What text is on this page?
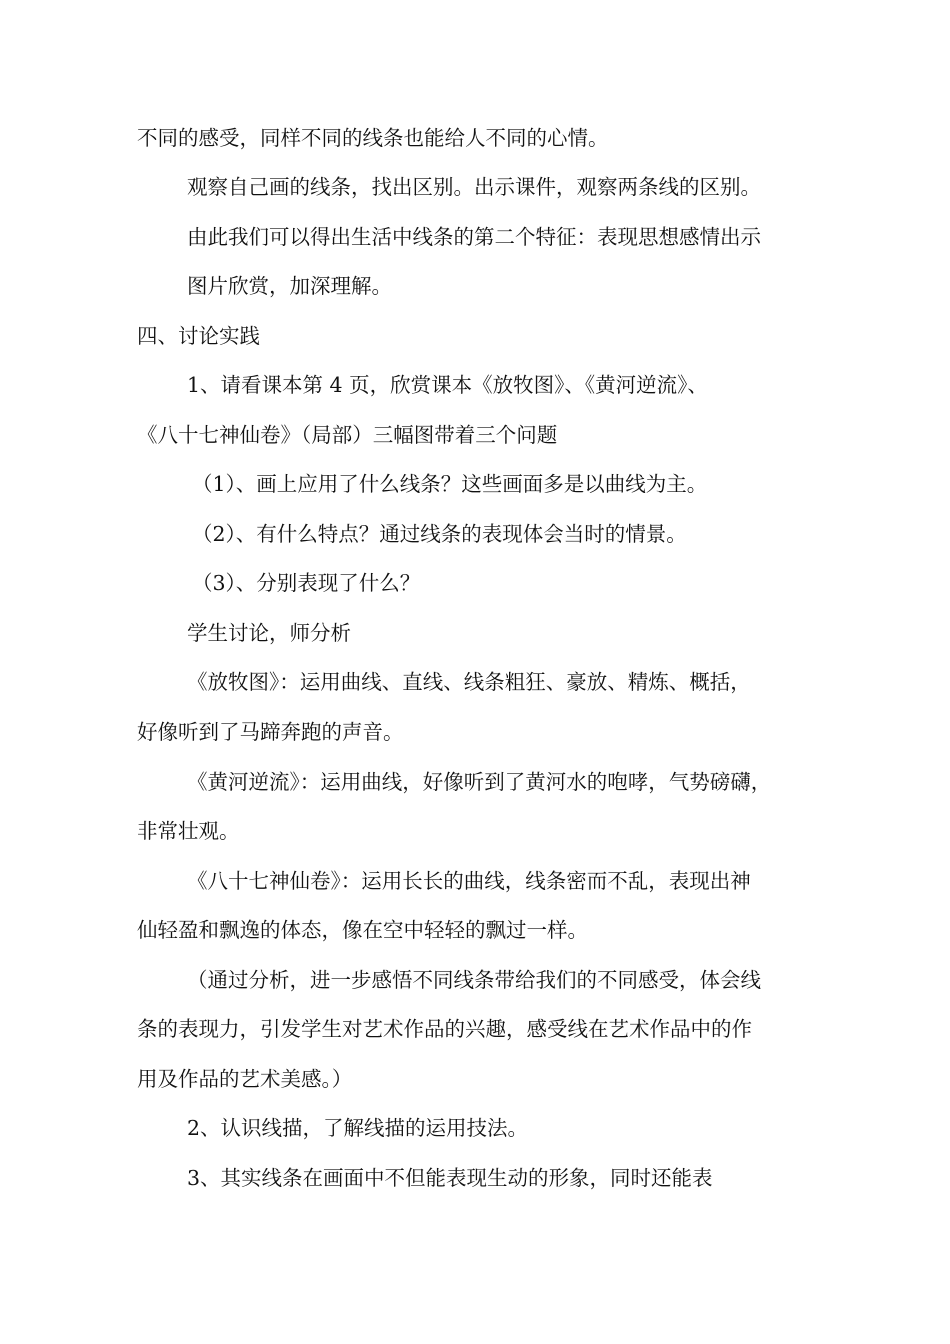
不同的感受，同样不同的线条也能给人不同的心情。
观察自己画的线条，找出区别。出示课件，观察两条线的区别。
由此我们可以得出生活中线条的第二个特征：表现思想感情出示
图片欣赏，加深理解。
四、讨论实践
1、请看课本第 4 页，欣赏课本《放牧图》、《黄河逆流》、
《八十七神仙卷》（局部）三幅图带着三个问题
（1）、画上应用了什么线条？这些画面多是以曲线为主。
（2）、有什么特点？通过线条的表现体会当时的情景。
（3）、分别表现了什么？
学生讨论，师分析
《放牧图》：运用曲线、直线、线条粗狂、豪放、精炼、概括，
好像听到了马蹄奔跑的声音。
《黄河逆流》：运用曲线，好像听到了黄河水的咆哮，气势磅礴，
非常壮观。
《八十七神仙卷》：运用长长的曲线，线条密而不乱，表现出神
仙轻盈和飘逸的体态，像在空中轻轻的飘过一样。
（通过分析，进一步感悟不同线条带给我们的不同感受，体会线
条的表现力，引发学生对艺术作品的兴趣，感受线在艺术作品中的作
用及作品的艺术美感。）
2、认识线描，了解线描的运用技法。
3、其实线条在画面中不但能表现生动的形象，同时还能表
